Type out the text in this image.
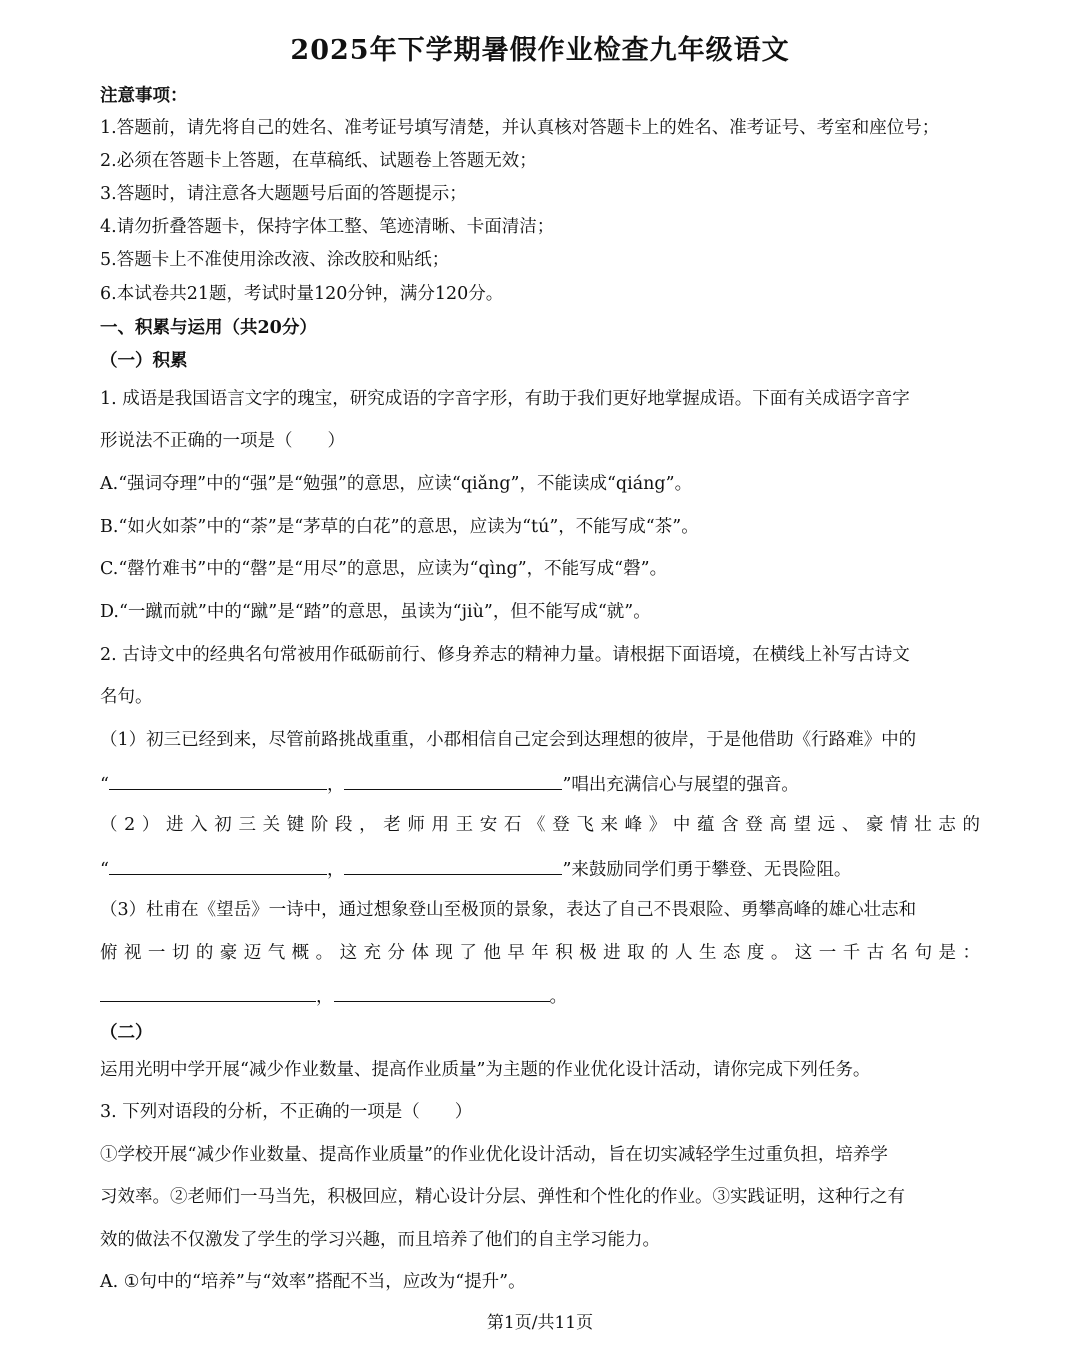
2025年下学期暑假作业检查九年级语文
注意事项：
1.答题前，请先将自己的姓名、准考证号填写清楚，并认真核对答题卡上的姓名、准考证号、考室和座位号；
2.必须在答题卡上答题，在草稿纸、试题卷上答题无效；
3.答题时，请注意各大题题号后面的答题提示；
4.请勿折叠答题卡，保持字体工整、笔迹清晰、卡面清洁；
5.答题卡上不准使用涂改液、涂改胶和贴纸；
6.本试卷共21题，考试时量120分钟，满分120分。
一、积累与运用（共20分）
（一）积累
1. 成语是我国语言文字的瑰宝，研究成语的字音字形，有助于我们更好地掌握成语。下面有关成语字音字
形说法不正确的一项是（　　）
A.“强词夺理”中的“强”是“勉强”的意思，应读“qiǎng”，不能读成“qiáng”。
B.“如火如荼”中的“荼”是“茅草的白花”的意思，应读为“tú”，不能写成“茶”。
C.“罄竹难书”中的“罄”是“用尽”的意思，应读为“qìng”，不能写成“磬”。
D.“一蹴而就”中的“蹴”是“踏”的意思，虽读为“jiù”，但不能写成“就”。
2. 古诗文中的经典名句常被用作砥砺前行、修身养志的精神力量。请根据下面语境，在横线上补写古诗文
名句。
（1）初三已经到来，尽管前路挑战重重，小郡相信自己定会到达理想的彼岸，于是他借助《行路难》中的
“	，	”唱出充满信心与展望的强音。
（2）进入初三关键阶段，老师用王安石《登飞来峰》中蕴含登高望远、豪情壮志的
“	，	”来鼓励同学们勇于攀登、无畏险阻。
（3）杜甫在《望岳》一诗中，通过想象登山至极顶的景象，表达了自己不畏艰险、勇攀高峰的雄心壮志和
俯视一切的豪迈气概。这充分体现了他早年积极进取的人生态度。这一千古名句是：
，	。
（二）
运用光明中学开展“减少作业数量、提高作业质量”为主题的作业优化设计活动，请你完成下列任务。
3. 下列对语段的分析，不正确的一项是（　　）
①学校开展“减少作业数量、提高作业质量”的作业优化设计活动，旨在切实减轻学生过重负担，培养学
习效率。②老师们一马当先，积极回应，精心设计分层、弹性和个性化的作业。③实践证明，这种行之有
效的做法不仅激发了学生的学习兴趣，而且培养了他们的自主学习能力。
A. ①句中的“培养”与“效率”搭配不当，应改为“提升”。
第1页/共11页
